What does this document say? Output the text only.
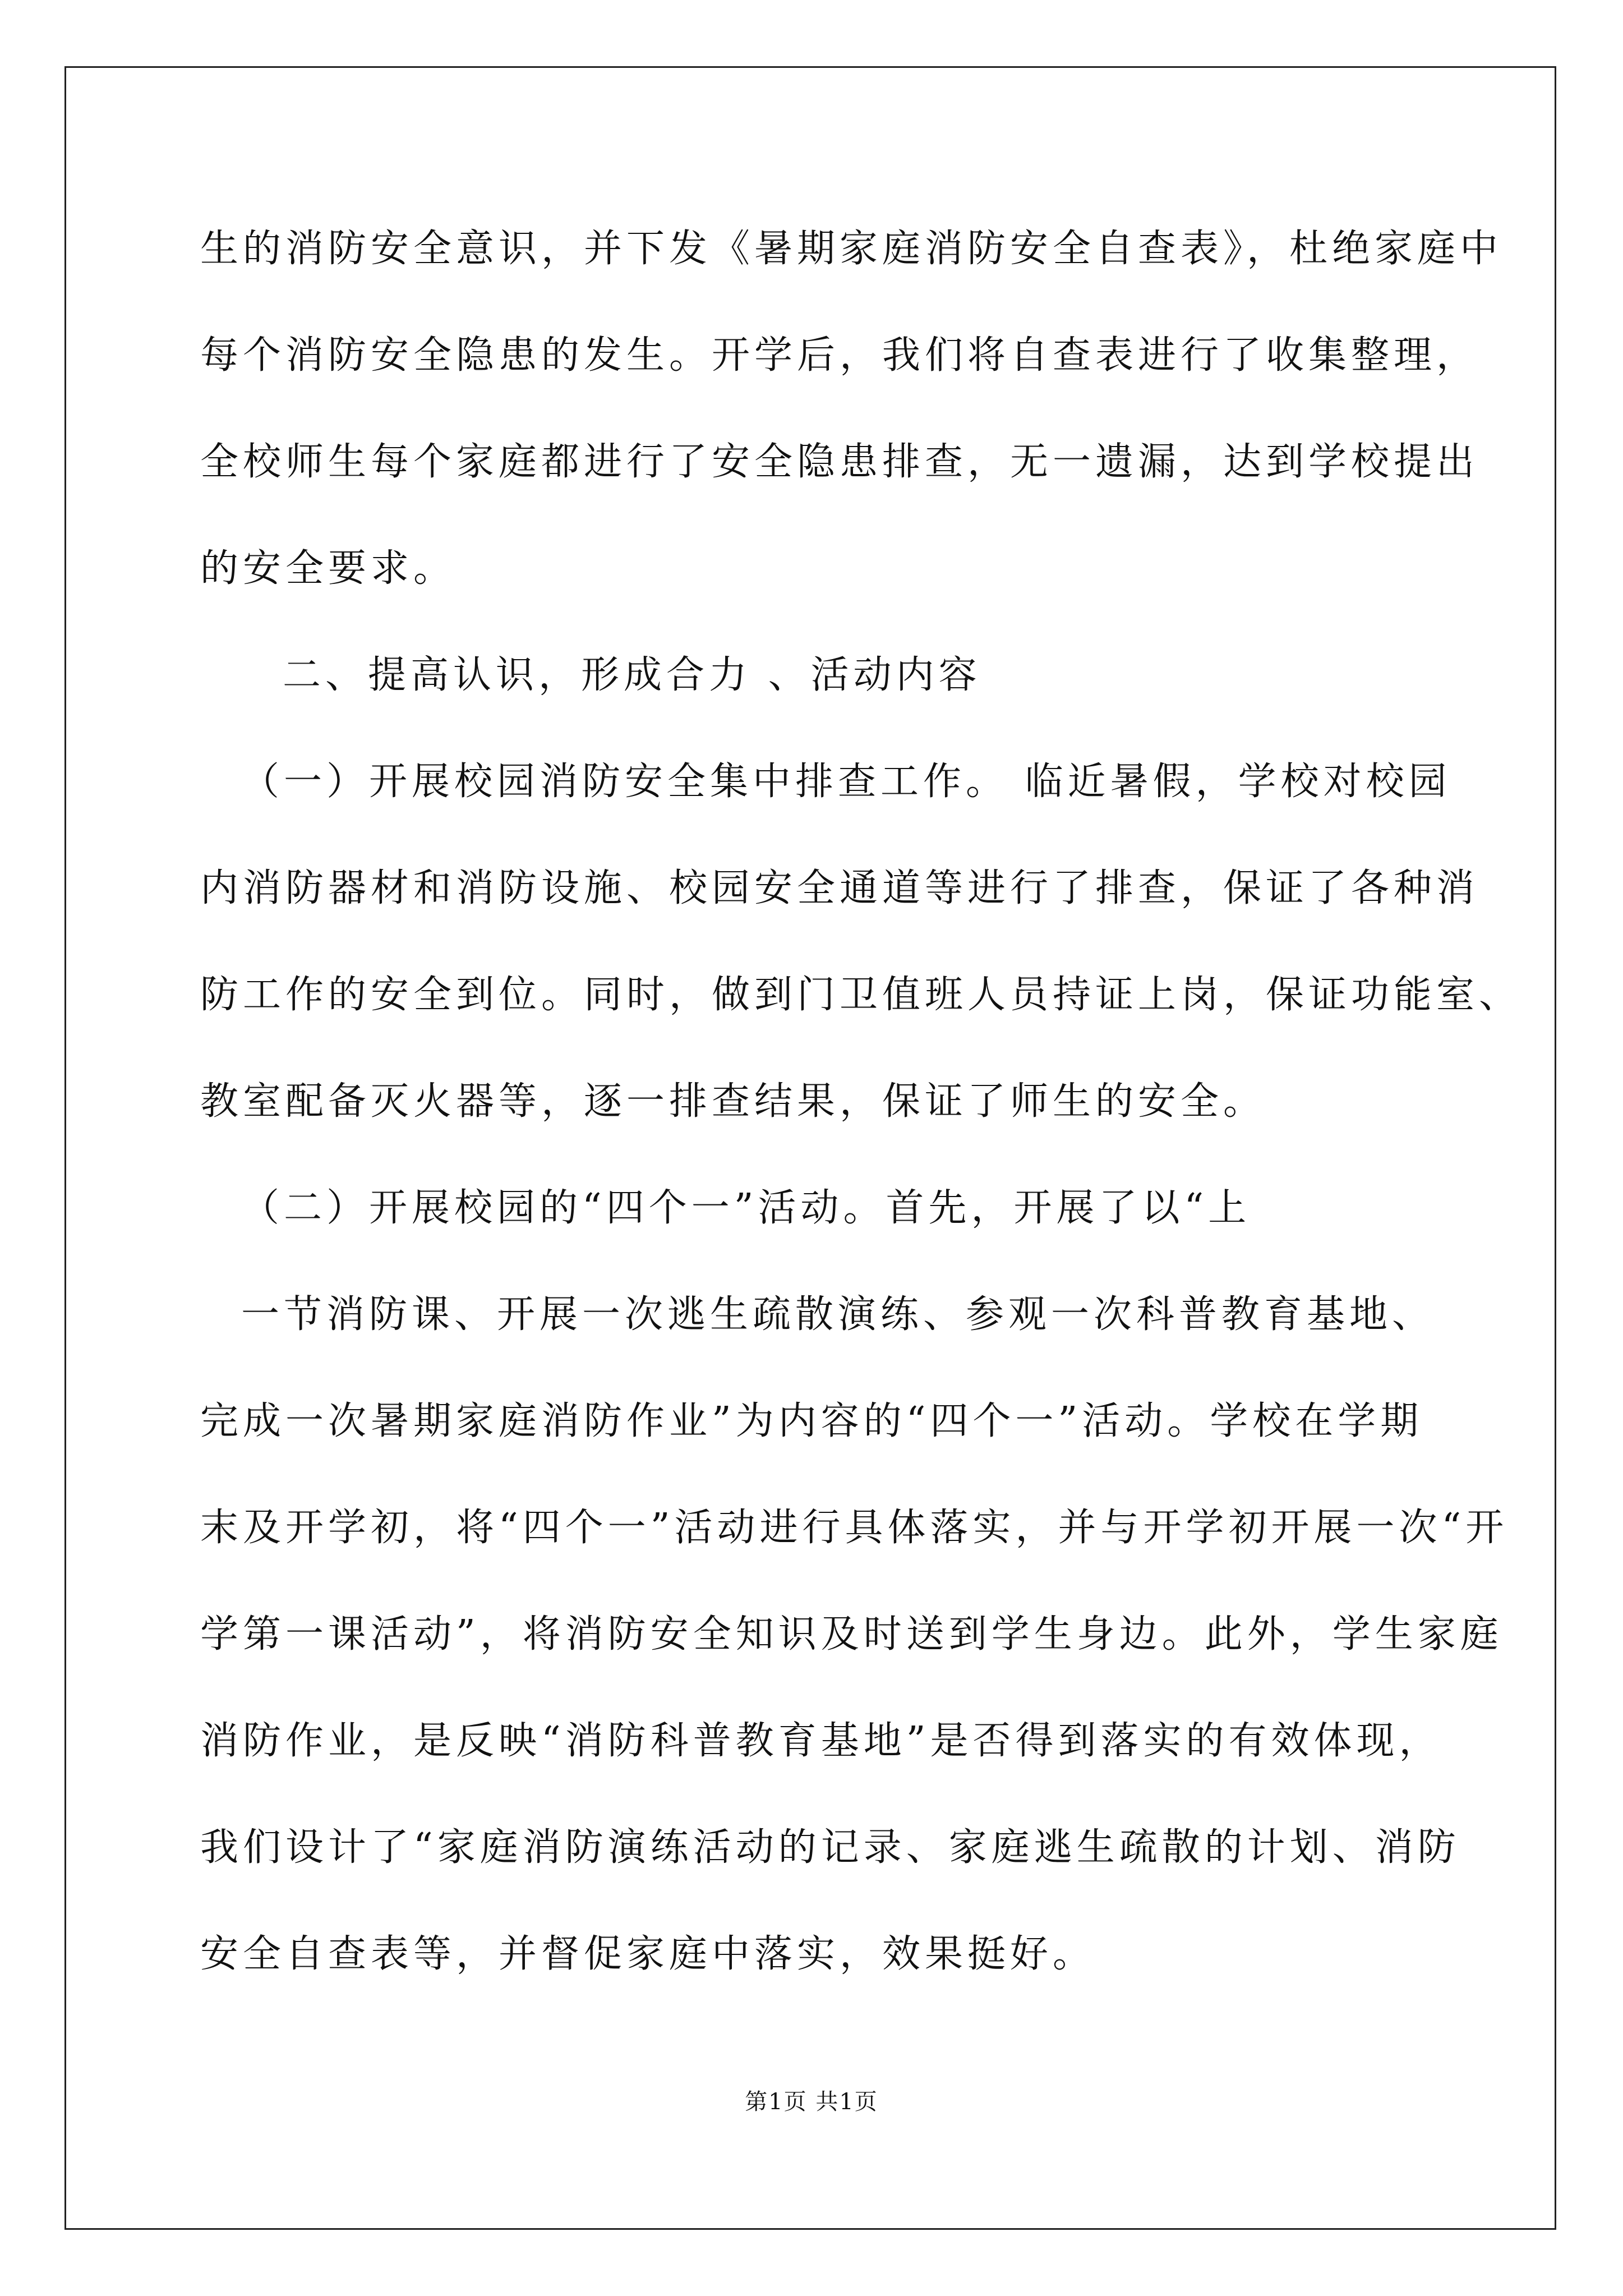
生的消防安全意识，并下发《暑期家庭消防安全自查表》，杜绝家庭中
每个消防安全隐患的发生。开学后，我们将自查表进行了收集整理，
全校师生每个家庭都进行了安全隐患排查，无一遗漏，达到学校提出
的安全要求。
二、提高认识，形成合力 、活动内容
（一）开展校园消防安全集中排查工作。 临近暑假，学校对校园
内消防器材和消防设施、校园安全通道等进行了排查，保证了各种消
防工作的安全到位。同时，做到门卫值班人员持证上岗，保证功能室、
教室配备灭火器等，逐一排查结果，保证了师生的安全。
（二）开展校园的“四个一”活动。首先，开展了以“上
一节消防课、开展一次逃生疏散演练、参观一次科普教育基地、
完成一次暑期家庭消防作业”为内容的“四个一”活动。学校在学期
末及开学初，将“四个一”活动进行具体落实，并与开学初开展一次“开
学第一课活动”，将消防安全知识及时送到学生身边。此外，学生家庭
消防作业，是反映“消防科普教育基地”是否得到落实的有效体现，
我们设计了“家庭消防演练活动的记录、家庭逃生疏散的计划、消防
安全自查表等，并督促家庭中落实，效果挺好。
第1页 共1页
